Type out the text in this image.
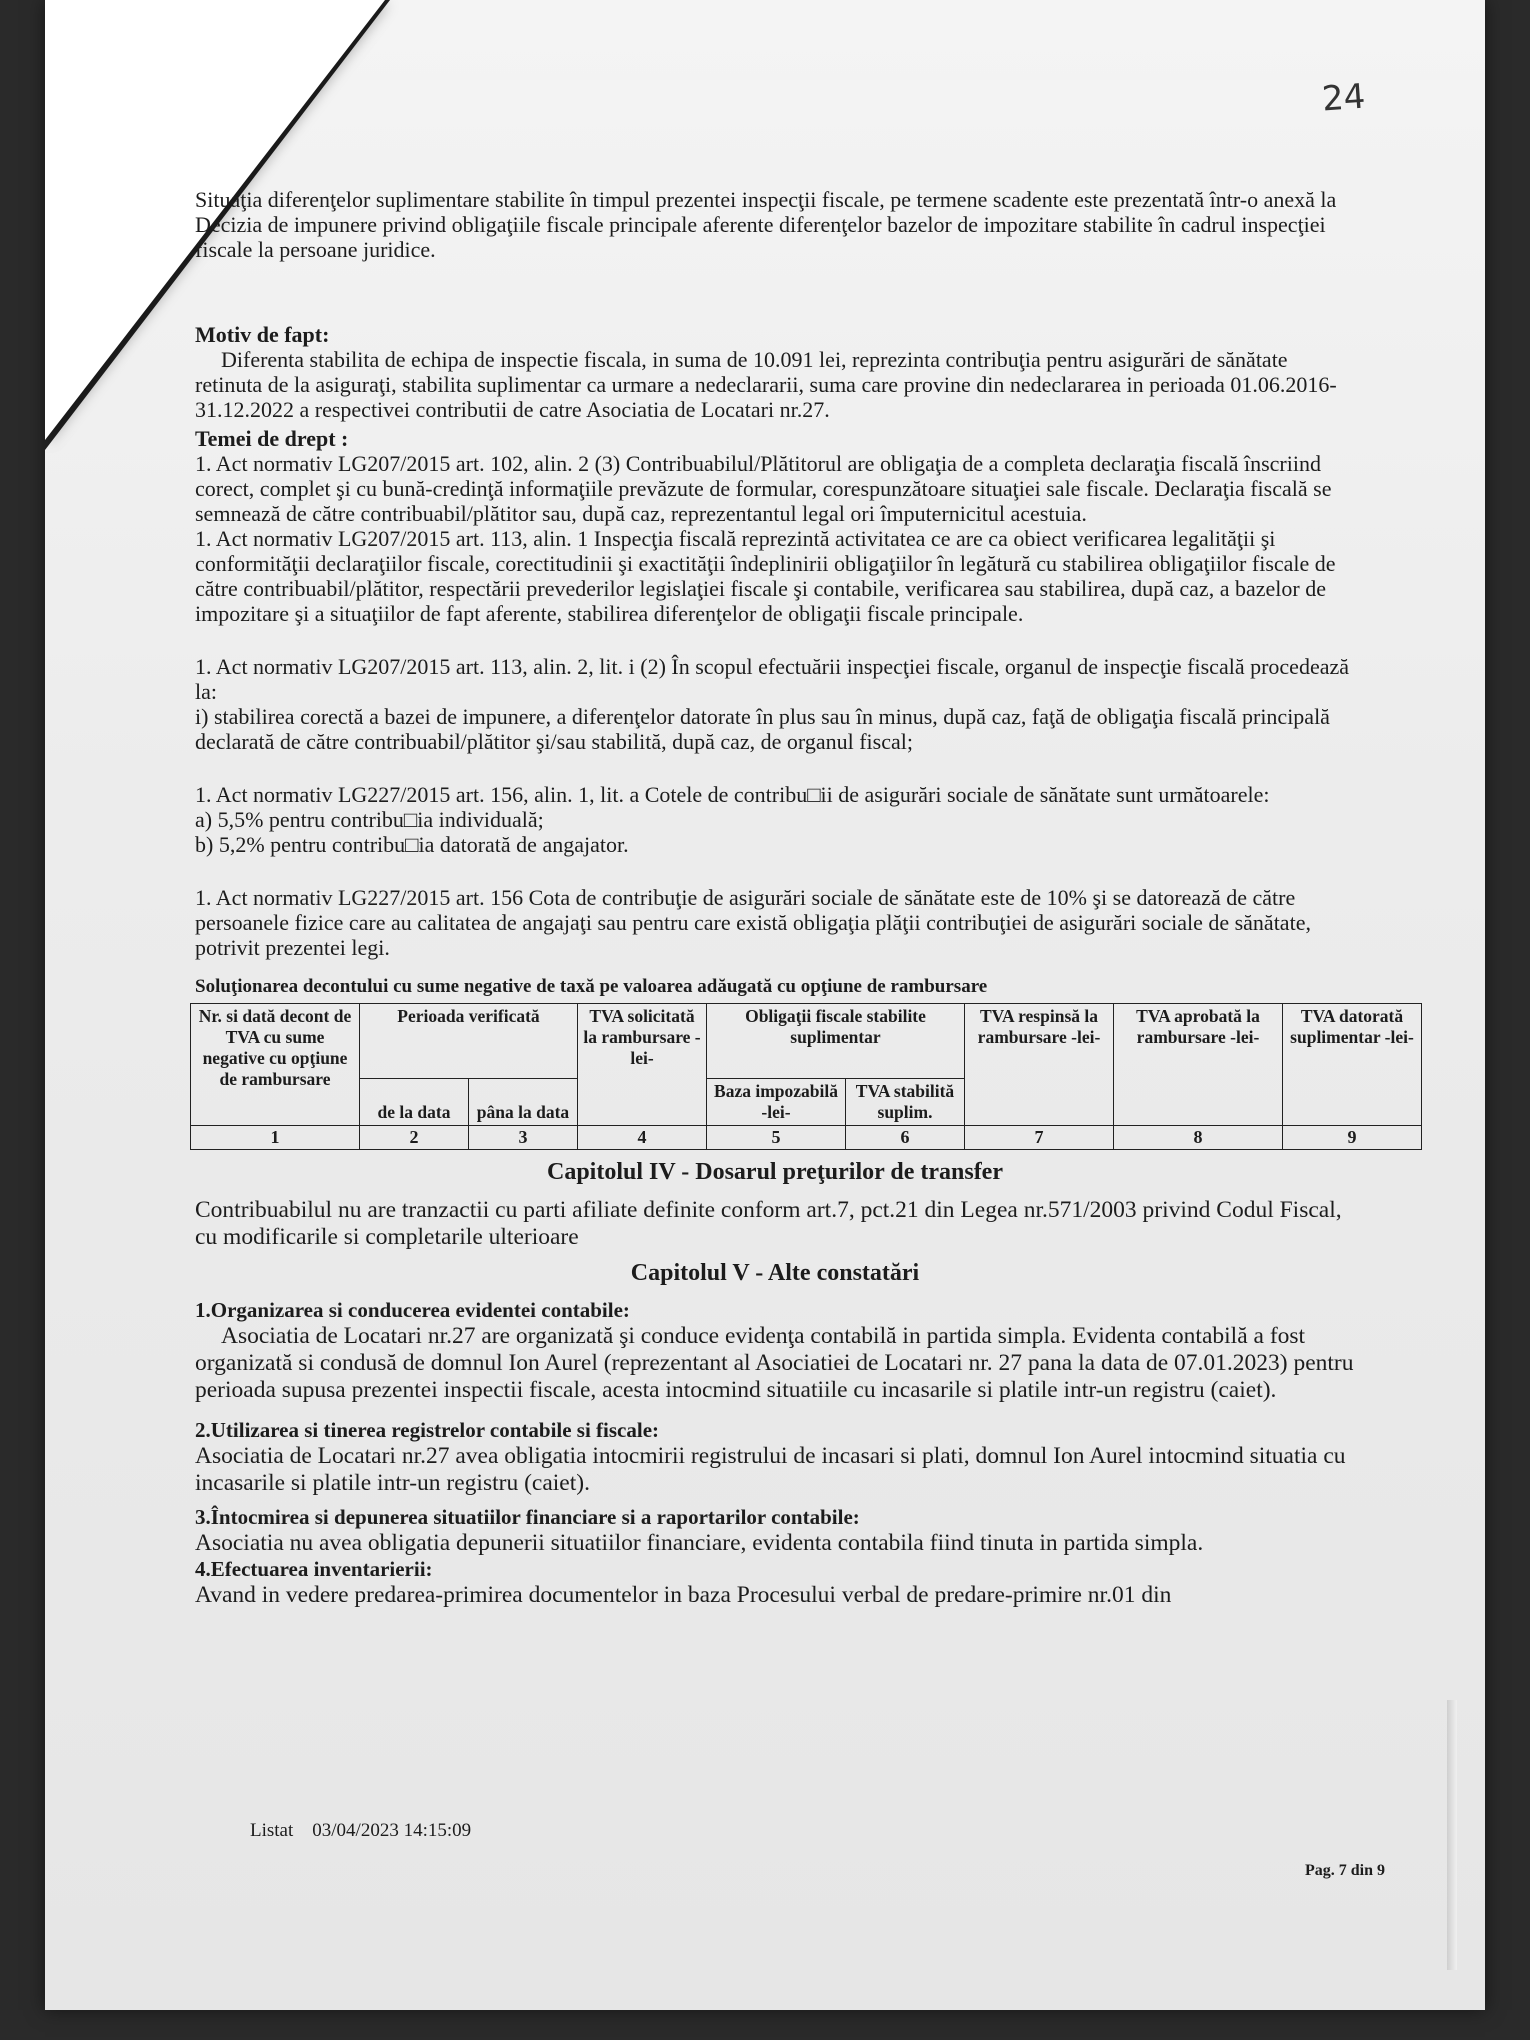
24

Situaţia diferenţelor suplimentare stabilite în timpul prezentei inspecţii fiscale, pe termene scadente este prezentată într-o anexă la Decizia de impunere privind obligaţiile fiscale principale aferente diferenţelor bazelor de impozitare stabilite în cadrul inspecţiei fiscale la persoane juridice.

Motiv de fapt:

Diferenta stabilita de echipa de inspectie fiscala, in suma de 10.091 lei, reprezinta contribuţia pentru asigurări de sănătate retinuta de la asiguraţi, stabilita suplimentar ca urmare a nedeclararii, suma care provine din nedeclararea in perioada 01.06.2016-31.12.2022 a respectivei contributii de catre Asociatia de Locatari nr.27.

Temei de drept :

1. Act normativ LG207/2015 art. 102, alin. 2 (3) Contribuabilul/Plătitorul are obligaţia de a completa declaraţia fiscală înscriind corect, complet şi cu bună-credinţă informaţiile prevăzute de formular, corespunzătoare situaţiei sale fiscale. Declaraţia fiscală se semnează de către contribuabil/plătitor sau, după caz, reprezentantul legal ori împuternicitul acestuia.

1. Act normativ LG207/2015 art. 113, alin. 1 Inspecţia fiscală reprezintă activitatea ce are ca obiect verificarea legalităţii şi conformităţii declaraţiilor fiscale, corectitudinii şi exactităţii îndeplinirii obligaţiilor în legătură cu stabilirea obligaţiilor fiscale de către contribuabil/plătitor, respectării prevederilor legislaţiei fiscale şi contabile, verificarea sau stabilirea, după caz, a bazelor de impozitare şi a situaţiilor de fapt aferente, stabilirea diferenţelor de obligaţii fiscale principale.

1. Act normativ LG207/2015 art. 113, alin. 2, lit. i (2) În scopul efectuării inspecţiei fiscale, organul de inspecţie fiscală procedează la:

i) stabilirea corectă a bazei de impunere, a diferenţelor datorate în plus sau în minus, după caz, faţă de obligaţia fiscală principală declarată de către contribuabil/plătitor şi/sau stabilită, după caz, de organul fiscal;

1. Act normativ LG227/2015 art. 156, alin. 1, lit. a Cotele de contribu□ii de asigurări sociale de sănătate sunt următoarele:

a) 5,5% pentru contribu□ia individuală;

b) 5,2% pentru contribu□ia datorată de angajator.

1. Act normativ LG227/2015 art. 156 Cota de contribuţie de asigurări sociale de sănătate este de 10% şi se datorează de către persoanele fizice care au calitatea de angajaţi sau pentru care există obligaţia plăţii contribuţiei de asigurări sociale de sănătate, potrivit prezentei legi.

Soluţionarea decontului cu sume negative de taxă pe valoarea adăugată cu opţiune de rambursare

Nr. si dată decont de TVA cu sume negative cu opţiune de rambursare	Perioada verificată		TVA solicitată la rambursare -lei-	Obligaţii fiscale stabilite suplimentar		TVA respinsă la rambursare -lei-	TVA aprobată la rambursare -lei-	TVA datorată suplimentar -lei-
	de la data	pâna la data		Baza impozabilă -lei-	TVA stabilită suplim.			
1	2	3	4	5	6	7	8	9

Capitolul IV - Dosarul preţurilor de transfer

Contribuabilul nu are tranzactii cu parti afiliate definite conform art.7, pct.21 din Legea nr.571/2003 privind Codul Fiscal, cu modificarile si completarile ulterioare

Capitolul V - Alte constatări

1.Organizarea si conducerea evidentei contabile:

Asociatia de Locatari nr.27 are organizată şi conduce evidenţa contabilă in partida simpla. Evidenta contabilă a fost organizată si condusă de domnul Ion Aurel (reprezentant al Asociatiei de Locatari nr. 27 pana la data de 07.01.2023) pentru perioada supusa prezentei inspectii fiscale, acesta intocmind situatiile cu incasarile si platile intr-un registru (caiet).

2.Utilizarea si tinerea registrelor contabile si fiscale:

Asociatia de Locatari nr.27 avea obligatia intocmirii registrului de incasari si plati, domnul Ion Aurel intocmind situatia cu incasarile si platile intr-un registru (caiet).

3.Întocmirea si depunerea situatiilor financiare si a raportarilor contabile:

Asociatia nu avea obligatia depunerii situatiilor financiare, evidenta contabila fiind tinuta in partida simpla.

4.Efectuarea inventarierii:

Avand in vedere predarea-primirea documentelor in baza Procesului verbal de predare-primire nr.01 din

Listat    03/04/2023 14:15:09
Pag. 7 din 9
